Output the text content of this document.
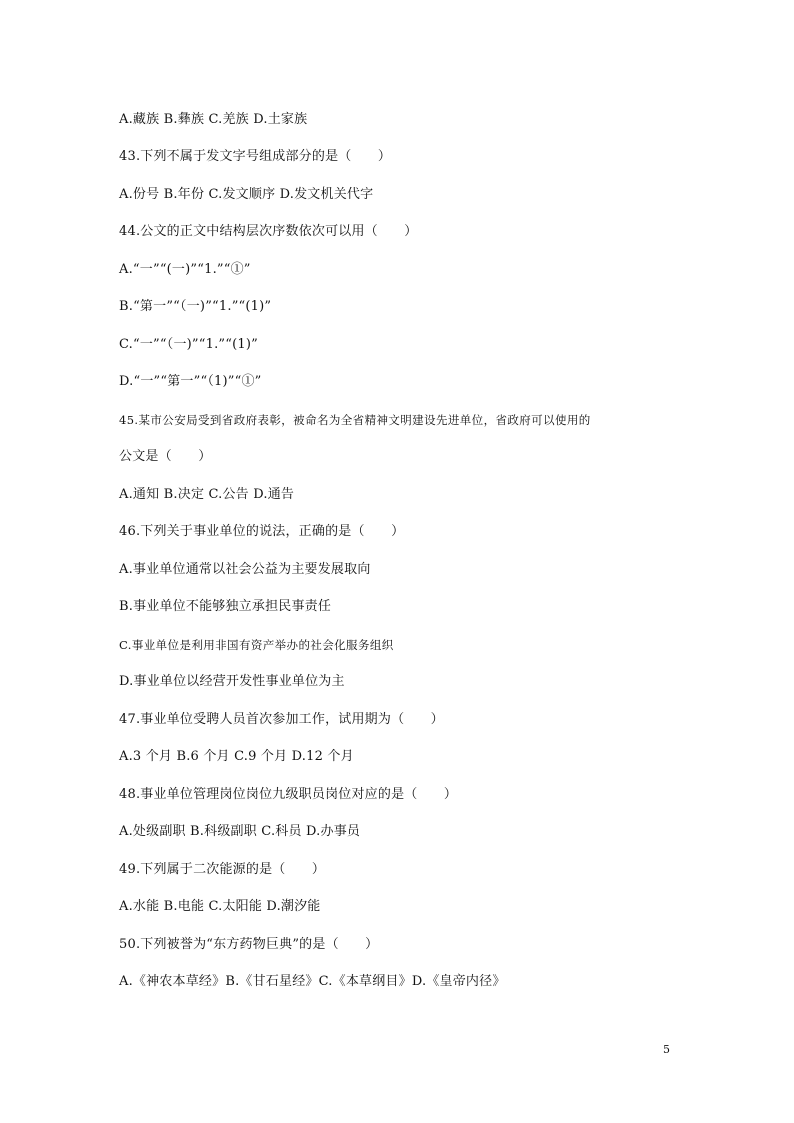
A.藏族 B.彝族 C.羌族 D.土家族
43.下列不属于发文字号组成部分的是（　　）
A.份号 B.年份 C.发文顺序 D.发文机关代字
44.公文的正文中结构层次序数依次可以用（　　）
A.“一”“(一)”“1.”“①”
B.“第一”“（一)”“1.”“(1)”
C.“一”“（一)”“1.”“(1)”
D.“一”“第一”“（1)”“①”
45.某市公安局受到省政府表彰，被命名为全省精神文明建设先进单位，省政府可以使用的
公文是（　　）
A.通知 B.决定 C.公告 D.通告
46.下列关于事业单位的说法，正确的是（　　）
A.事业单位通常以社会公益为主要发展取向
B.事业单位不能够独立承担民事责任
C.事业单位是利用非国有资产举办的社会化服务组织
D.事业单位以经营开发性事业单位为主
47.事业单位受聘人员首次参加工作，试用期为（　　）
A.3 个月 B.6 个月 C.9 个月 D.12 个月
48.事业单位管理岗位岗位九级职员岗位对应的是（　　）
A.处级副职 B.科级副职 C.科员 D.办事员
49.下列属于二次能源的是（　　）
A.水能 B.电能 C.太阳能 D.潮汐能
50.下列被誉为“东方药物巨典”的是（　　）
A.《神农本草经》B.《甘石星经》C.《本草纲目》D.《皇帝内径》
5
